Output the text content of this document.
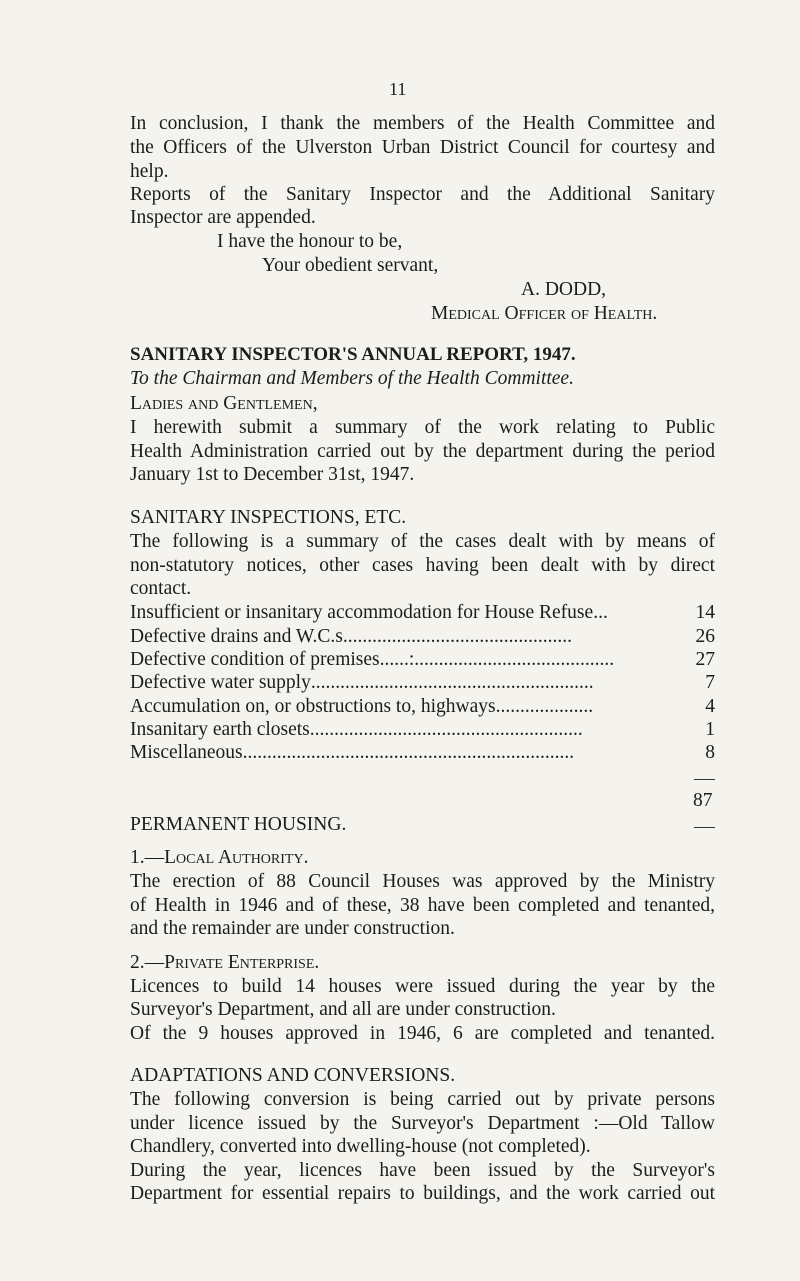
11
In conclusion, I thank the members of the Health Committee and
the Officers of the Ulverston Urban District Council for courtesy and
help.
Reports of the Sanitary Inspector and the Additional Sanitary
Inspector are appended.
I have the honour to be,
Your obedient servant,
A. DODD,
Medical Officer of Health.
SANITARY INSPECTOR'S ANNUAL REPORT, 1947.
To the Chairman and Members of the Health Committee.
Ladies and Gentlemen,
I herewith submit a summary of the work relating to Public
Health Administration carried out by the department during the period
January 1st to December 31st, 1947.
SANITARY INSPECTIONS, ETC.
The following is a summary of the cases dealt with by means of
non-statutory notices, other cases having been dealt with by direct
contact.
Insufficient or insanitary accommodation for House Refuse ...	14
Defective drains and W.C.s ...............................................	26
Defective condition of premises ......:.........................................	27
Defective water supply ..........................................................	7
Accumulation on, or obstructions to, highways ....................	4
Insanitary earth closets ........................................................	1
Miscellaneous ....................................................................	8
87
PERMANENT HOUSING.
1.—Local Authority.
The erection of 88 Council Houses was approved by the Ministry
of Health in 1946 and of these, 38 have been completed and tenanted,
and the remainder are under construction.
2.—Private Enterprise.
Licences to build 14 houses were issued during the year by the
Surveyor's Department, and all are under construction.
Of the 9 houses approved in 1946, 6 are completed and tenanted.
ADAPTATIONS AND CONVERSIONS.
The following conversion is being carried out by private persons
under licence issued by the Surveyor's Department :—Old Tallow
Chandlery, converted into dwelling-house (not completed).
During the year, licences have been issued by the Surveyor's
Department for essential repairs to buildings, and the work carried out
